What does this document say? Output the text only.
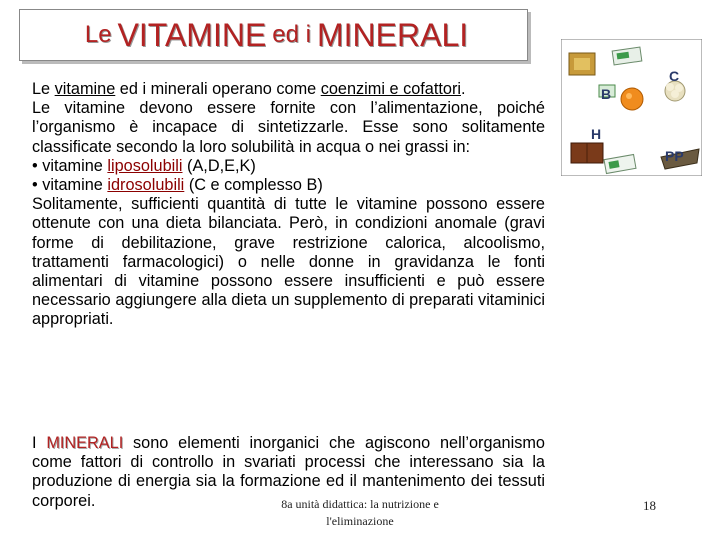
Le VITAMINE ed i MINERALI

Le vitamine ed i minerali operano come coenzimi e cofattori.

Le vitamine devono essere fornite con l’alimentazione, poiché l’organismo è incapace di sintetizzarle. Esse sono solitamente classificate secondo la loro solubilità in acqua o nei grassi in:

• vitamine liposolubili (A,D,E,K)

• vitamine idrosolubili (C e complesso B)

Solitamente, sufficienti quantità di tutte le vitamine possono essere ottenute con una dieta bilanciata. Però, in condizioni anomale (gravi forme di debilitazione, grave restrizione calorica, alcoolismo, trattamenti farmacologici) o nelle donne in gravidanza le fonti alimentari di vitamine possono essere insufficienti e può essere necessario aggiungere alla dieta un supplemento di preparati vitaminici appropriati.

I MINERALI sono elementi inorganici che agiscono nell’organismo come fattori di controllo in svariati processi che interessano sia la produzione di energia sia la formazione ed il mantenimento dei tessuti corporei.

B
C
H
PP
8a unità didattica: la nutrizione e
l'eliminazione
18
